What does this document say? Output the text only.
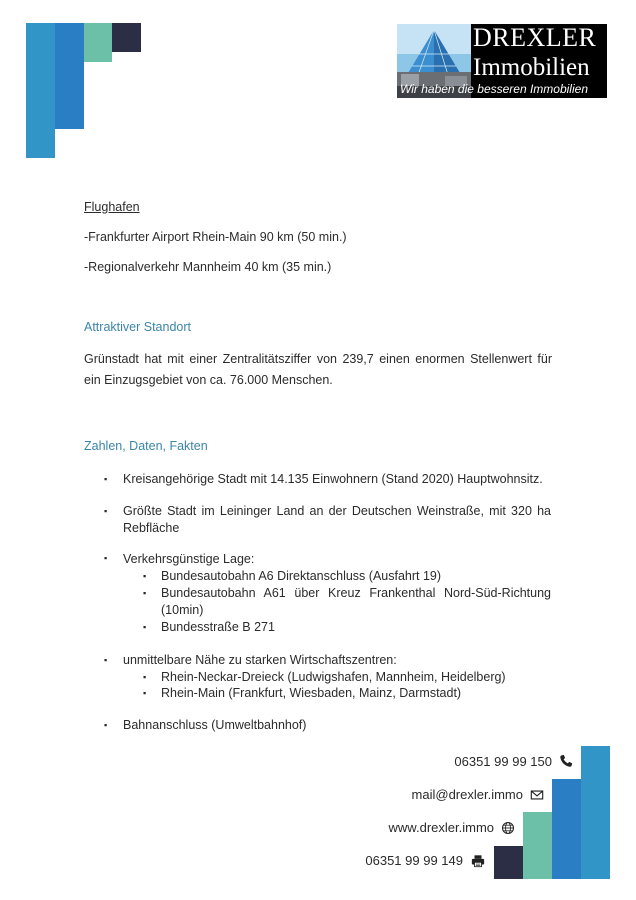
DREXLER
Immobilien
Wir haben die besseren Immobilien
Flughafen
-Frankfurter Airport Rhein-Main 90 km (50 min.)
-Regionalverkehr Mannheim 40 km (35 min.)
Attraktiver Standort
Grünstadt hat mit einer Zentralitätsziffer von 239,7 einen enormen Stellenwert für ein Einzugsgebiet von ca. 76.000 Menschen.
Zahlen, Daten, Fakten
▪ Kreisangehörige Stadt mit 14.135 Einwohnern (Stand 2020) Hauptwohnsitz.
▪ Größte Stadt im Leininger Land an der Deutschen Weinstraße, mit 320 ha Rebfläche
▪ Verkehrsgünstige Lage:
▪ Bundesautobahn A6 Direktanschluss (Ausfahrt 19)
▪ Bundesautobahn A61 über Kreuz Frankenthal Nord-Süd-Richtung (10min)
▪ Bundesstraße B 271
▪ unmittelbare Nähe zu starken Wirtschaftszentren:
▪ Rhein-Neckar-Dreieck (Ludwigshafen, Mannheim, Heidelberg)
▪ Rhein-Main (Frankfurt, Wiesbaden, Mainz, Darmstadt)
▪ Bahnanschluss (Umweltbahnhof)
06351 99 99 150
mail@drexler.immo
www.drexler.immo
06351 99 99 149
